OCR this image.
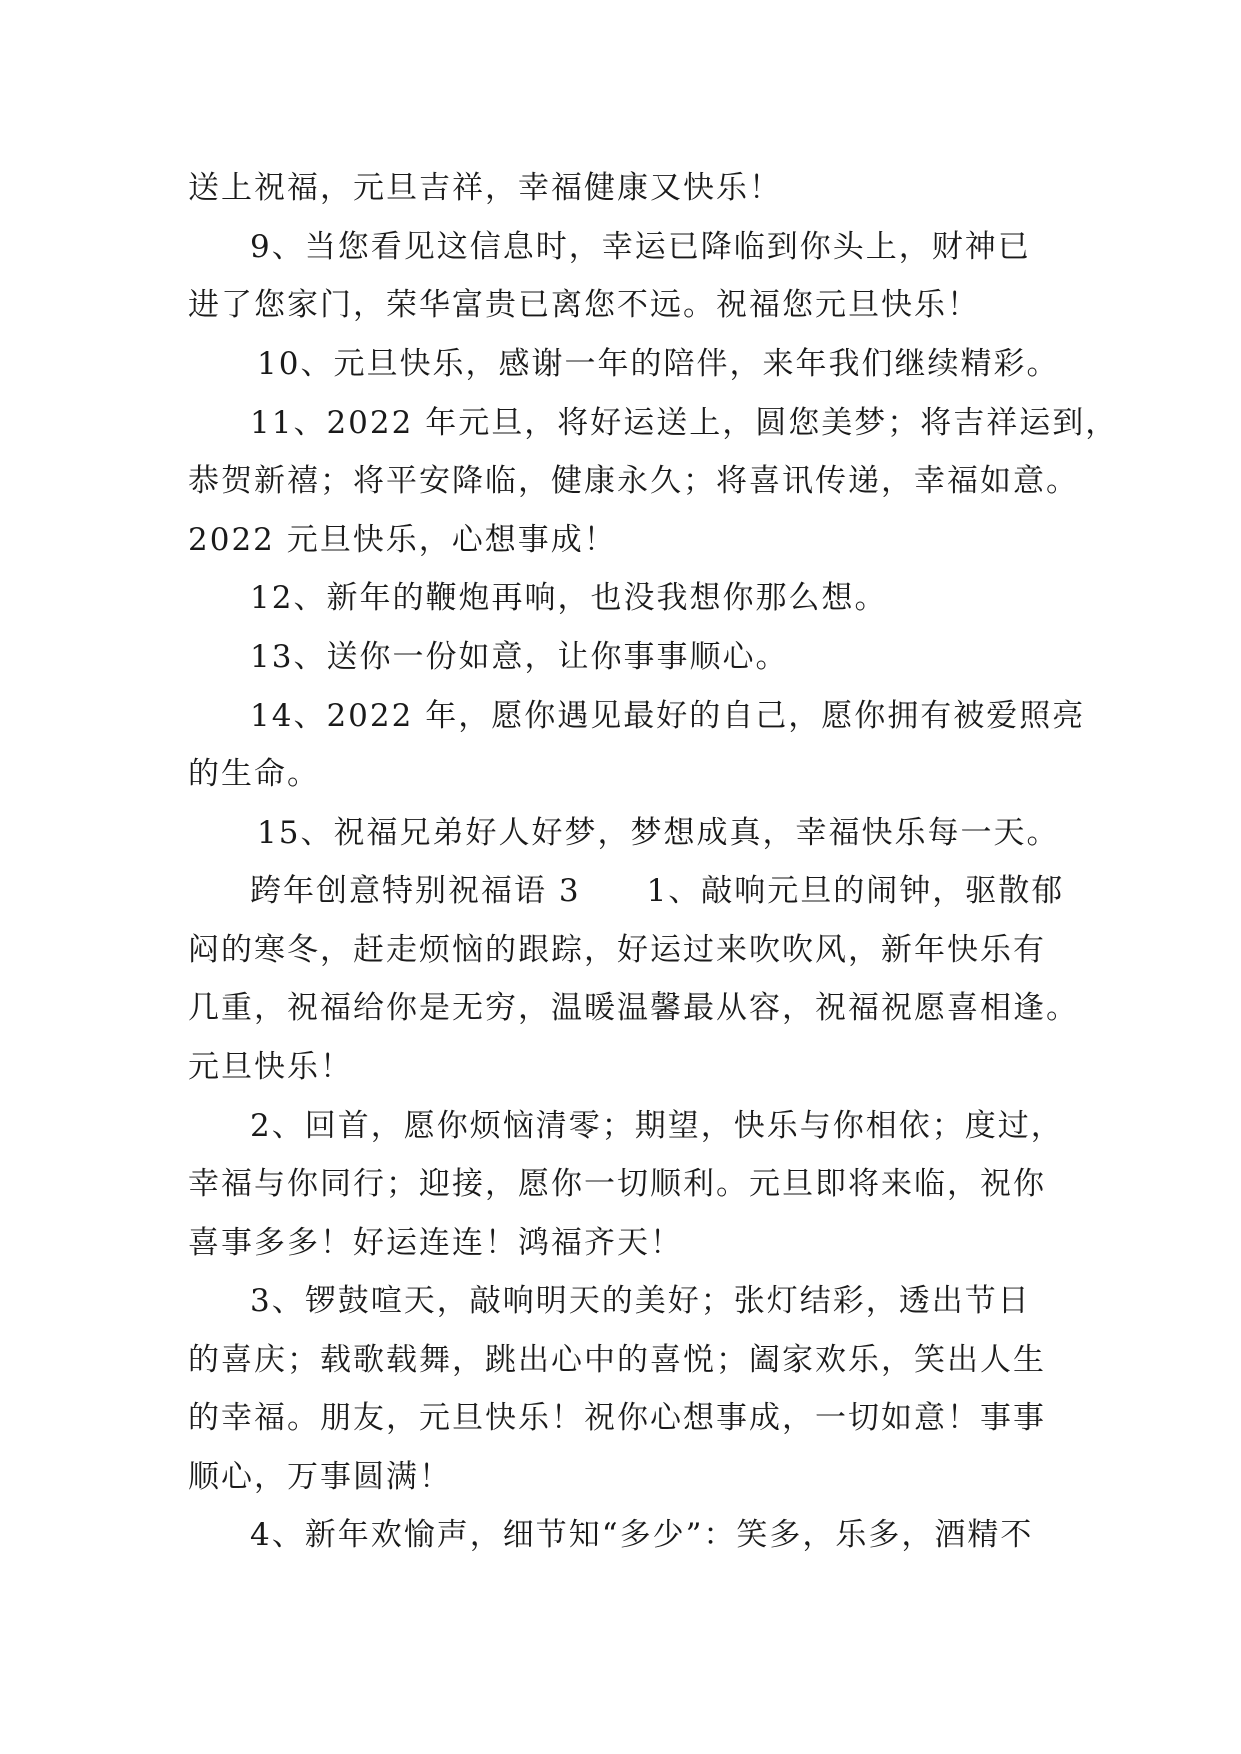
送上祝福，元旦吉祥，幸福健康又快乐！
9、当您看见这信息时，幸运已降临到你头上，财神已
进了您家门，荣华富贵已离您不远。祝福您元旦快乐！
10、元旦快乐，感谢一年的陪伴，来年我们继续精彩。
11、2022 年元旦，将好运送上，圆您美梦；将吉祥运到，
恭贺新禧；将平安降临，健康永久；将喜讯传递，幸福如意。
2022 元旦快乐，心想事成！
12、新年的鞭炮再响，也没我想你那么想。
13、送你一份如意，让你事事顺心。
14、2022 年，愿你遇见最好的自己，愿你拥有被爱照亮
的生命。
15、祝福兄弟好人好梦，梦想成真，幸福快乐每一天。
跨年创意特别祝福语 3　　1、敲响元旦的闹钟，驱散郁
闷的寒冬，赶走烦恼的跟踪，好运过来吹吹风，新年快乐有
几重，祝福给你是无穷，温暖温馨最从容，祝福祝愿喜相逢。
元旦快乐！
2、回首，愿你烦恼清零；期望，快乐与你相依；度过，
幸福与你同行；迎接，愿你一切顺利。元旦即将来临，祝你
喜事多多！好运连连！鸿福齐天！
3、锣鼓喧天，敲响明天的美好；张灯结彩，透出节日
的喜庆；载歌载舞，跳出心中的喜悦；阖家欢乐，笑出人生
的幸福。朋友，元旦快乐！祝你心想事成，一切如意！事事
顺心，万事圆满！
4、新年欢愉声，细节知“多少”：笑多，乐多，酒精不
